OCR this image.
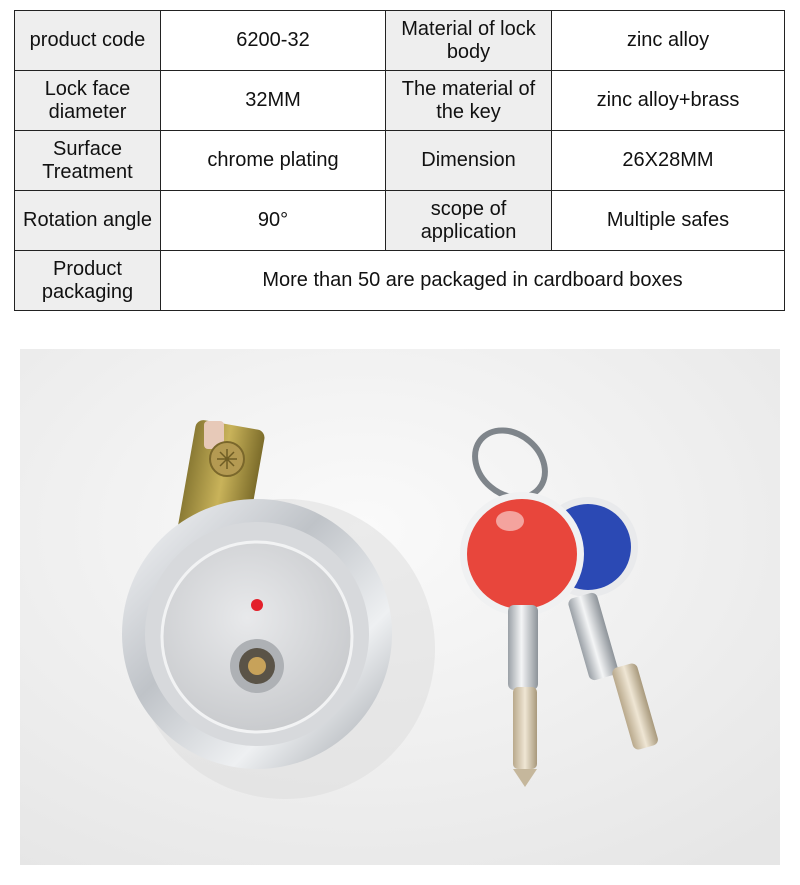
product code	6200-32	Material of lock body	zinc alloy
Lock face diameter	32MM	The material of the key	zinc alloy+brass
Surface Treatment	chrome plating	Dimension	26X28MM
Rotation angle	90°	scope of application	Multiple safes
Product packaging	More than 50 are packaged in cardboard boxes		
